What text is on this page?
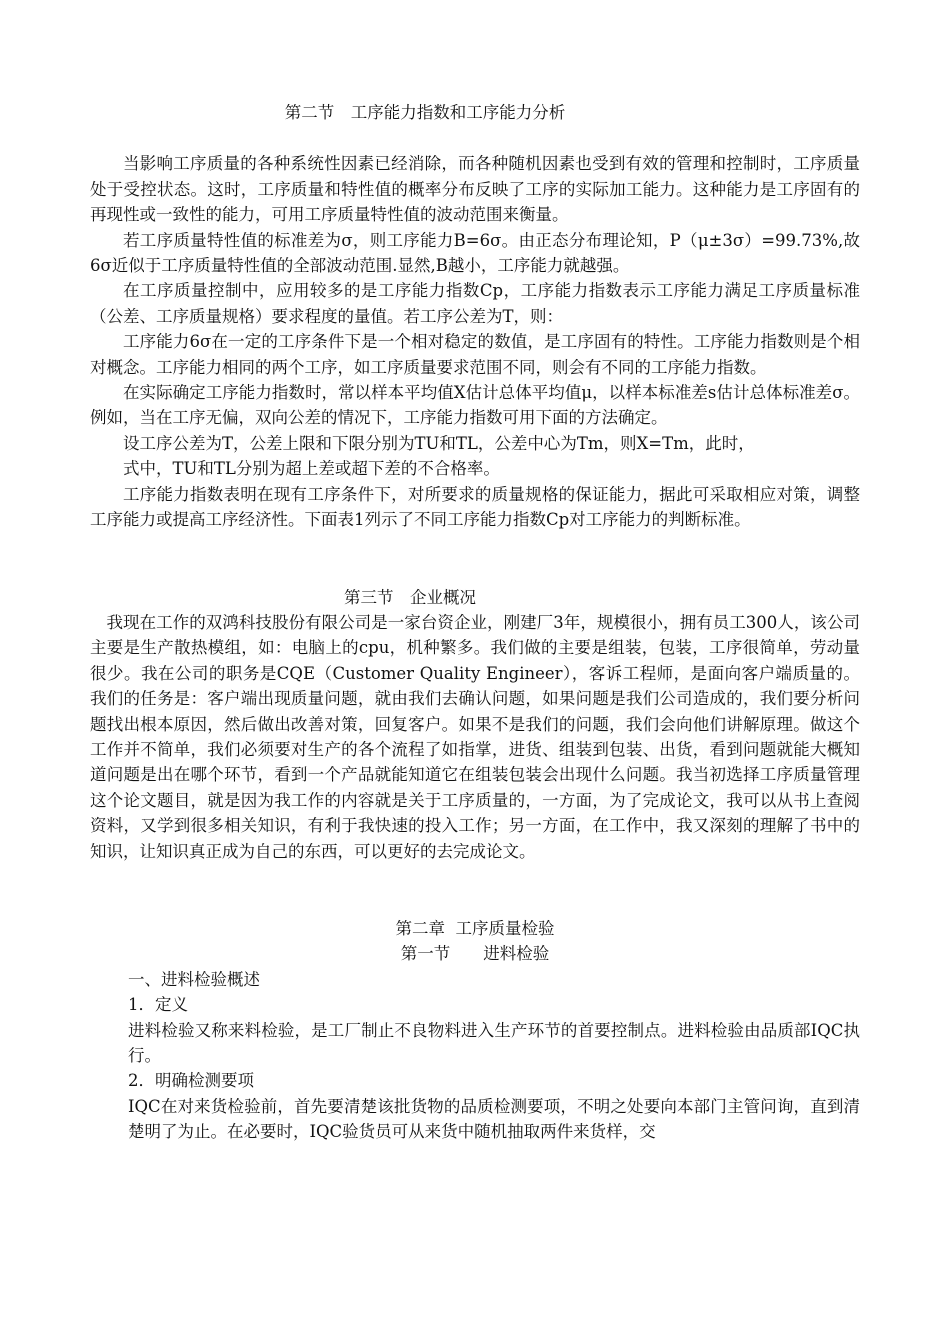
第二节　工序能力指数和工序能力分析

当影响工序质量的各种系统性因素已经消除，而各种随机因素也受到有效的管理和控制时，工序质量处于受控状态。这时，工序质量和特性值的概率分布反映了工序的实际加工能力。这种能力是工序固有的再现性或一致性的能力，可用工序质量特性值的波动范围来衡量。

若工序质量特性值的标准差为σ，则工序能力B=6σ。由正态分布理论知，P（μ±3σ）=99.73%,故6σ近似于工序质量特性值的全部波动范围.显然,B越小，工序能力就越强。

在工序质量控制中，应用较多的是工序能力指数Cp，工序能力指数表示工序能力满足工序质量标准（公差、工序质量规格）要求程度的量值。若工序公差为T，则：

工序能力6σ在一定的工序条件下是一个相对稳定的数值，是工序固有的特性。工序能力指数则是个相对概念。工序能力相同的两个工序，如工序质量要求范围不同，则会有不同的工序能力指数。

在实际确定工序能力指数时，常以样本平均值X估计总体平均值μ，以样本标准差s估计总体标准差σ。例如，当在工序无偏，双向公差的情况下，工序能力指数可用下面的方法确定。

设工序公差为T，公差上限和下限分别为TU和TL，公差中心为Tm，则X=Tm，此时，

式中，TU和TL分别为超上差或超下差的不合格率。

工序能力指数表明在现有工序条件下，对所要求的质量规格的保证能力，据此可采取相应对策，调整工序能力或提高工序经济性。下面表1列示了不同工序能力指数Cp对工序能力的判断标准。

第三节　企业概况

我现在工作的双鸿科技股份有限公司是一家台资企业，刚建厂3年，规模很小，拥有员工300人，该公司主要是生产散热模组，如：电脑上的cpu，机种繁多。我们做的主要是组装，包装，工序很简单，劳动量很少。我在公司的职务是CQE（Customer Quality Engineer），客诉工程师，是面向客户端质量的。我们的任务是：客户端出现质量问题，就由我们去确认问题，如果问题是我们公司造成的，我们要分析问题找出根本原因，然后做出改善对策，回复客户。如果不是我们的问题，我们会向他们讲解原理。做这个工作并不简单，我们必须要对生产的各个流程了如指掌，进货、组装到包装、出货，看到问题就能大概知道问题是出在哪个环节，看到一个产品就能知道它在组装包装会出现什么问题。我当初选择工序质量管理这个论文题目，就是因为我工作的内容就是关于工序质量的，一方面，为了完成论文，我可以从书上查阅资料，又学到很多相关知识，有利于我快速的投入工作；另一方面，在工作中，我又深刻的理解了书中的知识，让知识真正成为自己的东西，可以更好的去完成论文。

第二章  工序质量检验
第一节　　进料检验

一、进料检验概述

1．定义

进料检验又称来料检验，是工厂制止不良物料进入生产环节的首要控制点。进料检验由品质部IQC执行。

2．明确检测要项

IQC在对来货检验前，首先要清楚该批货物的品质检测要项，不明之处要向本部门主管问询，直到清楚明了为止。在必要时，IQC验货员可从来货中随机抽取两件来货样，交
